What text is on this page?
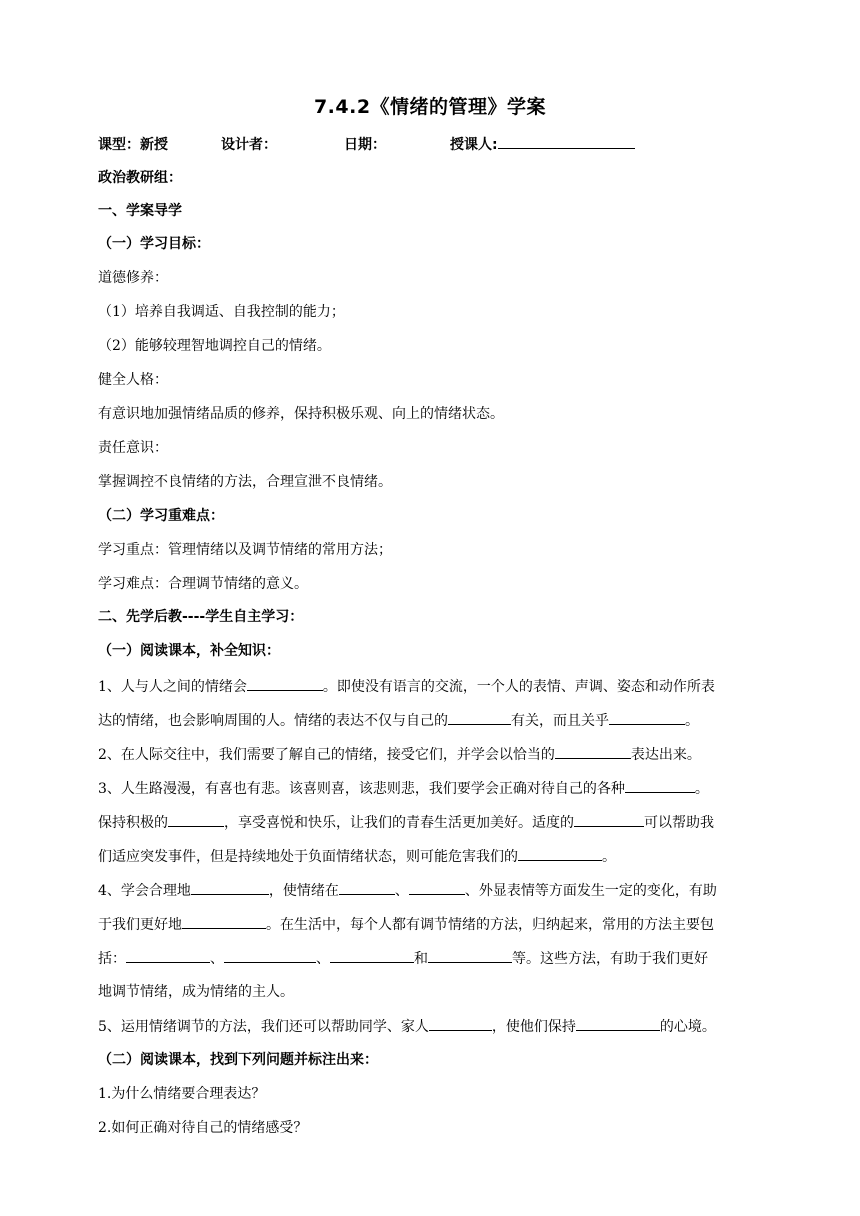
7.4.2《情绪的管理》学案
课型：新授	设计者：	日期：	授课人:
政治教研组：
一、学案导学
（一）学习目标：
道德修养：
（1）培养自我调适、自我控制的能力；
（2）能够较理智地调控自己的情绪。
健全人格：
有意识地加强情绪品质的修养，保持积极乐观、向上的情绪状态。
责任意识：
掌握调控不良情绪的方法，合理宣泄不良情绪。
（二）学习重难点：
学习重点：管理情绪以及调节情绪的常用方法；
学习难点：合理调节情绪的意义。
二、先学后教----学生自主学习：
（一）阅读课本，补全知识：
1、人与人之间的情绪会	。即使没有语言的交流，一个人的表情、声调、姿态和动作所表
达的情绪，也会影响周围的人。情绪的表达不仅与自己的	有关，而且关乎	。
2、在人际交往中，我们需要了解自己的情绪，接受它们，并学会以恰当的	表达出来。
3、人生路漫漫，有喜也有悲。该喜则喜，该悲则悲，我们要学会正确对待自己的各种	。
保持积极的	，享受喜悦和快乐，让我们的青春生活更加美好。适度的	可以帮助我
们适应突发事件，但是持续地处于负面情绪状态，则可能危害我们的	。
4、学会合理地	，使情绪在	、	、外显表情等方面发生一定的变化，有助
于我们更好地	。在生活中，每个人都有调节情绪的方法，归纳起来，常用的方法主要包
括：	、	、	和	等。这些方法，有助于我们更好
地调节情绪，成为情绪的主人。
5、运用情绪调节的方法，我们还可以帮助同学、家人	，使他们保持	的心境。
（二）阅读课本，找到下列问题并标注出来：
1.为什么情绪要合理表达？
2.如何正确对待自己的情绪感受？
